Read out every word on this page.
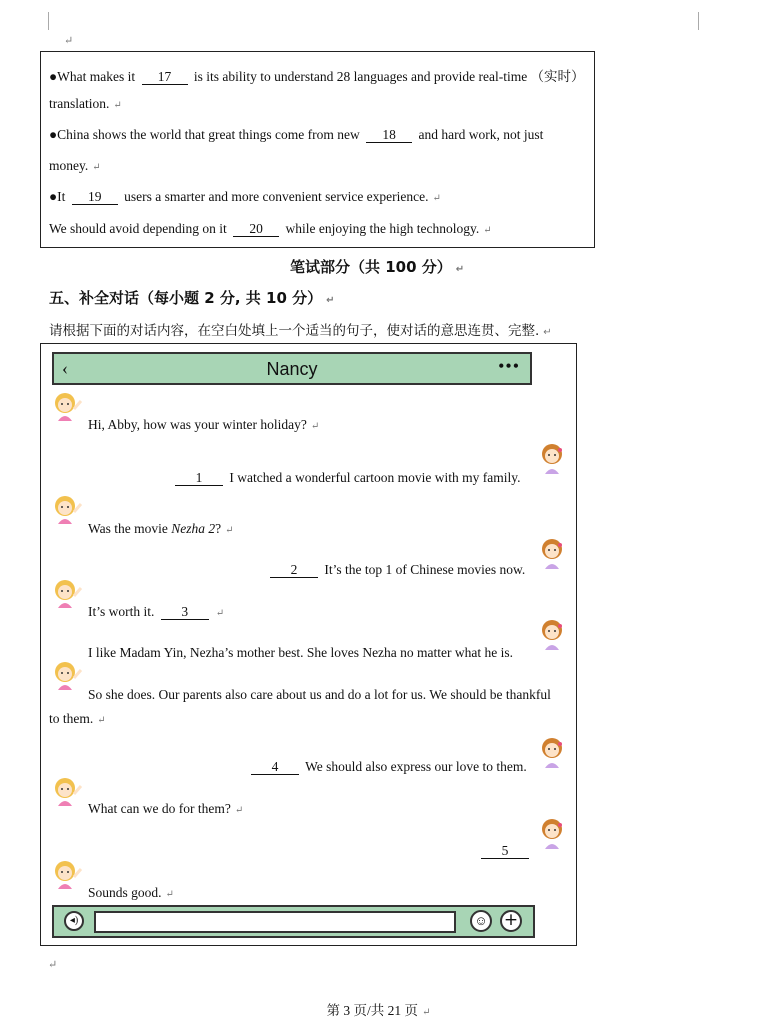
↵
●What makes it 17 is its ability to understand 28 languages and provide real-time （实时）
translation. ↵
●China shows the world that great things come from new 18 and hard work, not just
money. ↵
●It 19 users a smarter and more convenient service experience. ↵
We should avoid depending on it 20 while enjoying the high technology. ↵
笔试部分（共 100 分） ↵
五、补全对话（每小题 2 分, 共 10 分） ↵
请根据下面的对话内容，在空白处填上一个适当的句子，使对话的意思连贯、完整. ↵
‹	Nancy	•••
Hi, Abby, how was your winter holiday? ↵
1 I watched a wonderful cartoon movie with my family.
Was the movie Nezha 2? ↵
2 It’s the top 1 of Chinese movies now.
It’s worth it. 3	↵
I like Madam Yin, Nezha’s mother best. She loves Nezha no matter what he is.
So she does. Our parents also care about us and do a lot for us. We should be thankful
to them. ↵
4 We should also express our love to them.
What can we do for them? ↵
5
Sounds good. ↵
◂)	☺ +
↵
第 3 页/共 21 页 ↵
